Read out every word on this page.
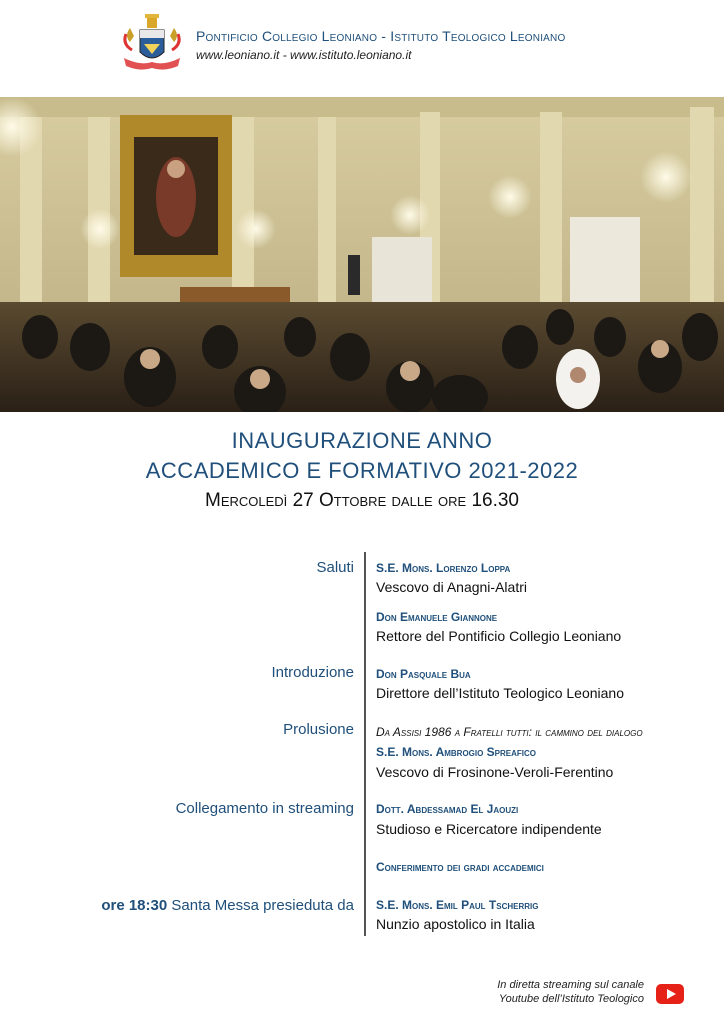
Pontificio Collegio Leoniano - Istituto Teologico Leoniano
www.leoniano.it - www.istituto.leoniano.it
INAUGURAZIONE ANNO
ACCADEMICO E FORMATIVO 2021-2022
Mercoledì 27 Ottobre dalle ore 16.30
Saluti S.E. Mons. Lorenzo Loppa
Vescovo di Anagni-Alatri
Don Emanuele Giannone
Rettore del Pontificio Collegio Leoniano
Introduzione Don Pasquale Bua
Direttore dell’Istituto Teologico Leoniano
Prolusione Da Assisi 1986 a Fratelli tutti: il cammino del dialogo
S.E. Mons. Ambrogio Spreafico
Vescovo di Frosinone-Veroli-Ferentino
Collegamento in streaming Dott. Abdessamad El Jaouzi
Studioso e Ricercatore indipendente
Conferimento dei gradi accademici
ore 18:30 Santa Messa presieduta da S.E. Mons. Emil Paul Tscherrig
Nunzio apostolico in Italia
In diretta streaming sul canale
Youtube dell’Istituto Teologico
